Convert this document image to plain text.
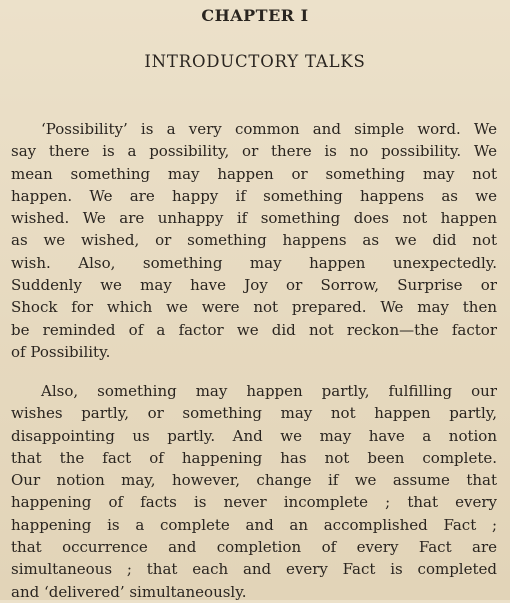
CHAPTER I
INTRODUCTORY TALKS
‘Possibility’ is a very common and simple word. We
say there is a possibility, or there is no possibility. We
mean something may happen or something may not
happen. We are happy if something happens as we
wished. We are unhappy if something does not happen
as we wished, or something happens as we did not
wish. Also, something may happen unexpectedly.
Suddenly we may have Joy or Sorrow, Surprise or
Shock for which we were not prepared. We may then
be reminded of a factor we did not reckon—the factor
of Possibility.
Also, something may happen partly, fulfilling our
wishes partly, or something may not happen partly,
disappointing us partly. And we may have a notion
that the fact of happening has not been complete.
Our notion may, however, change if we assume that
happening of facts is never incomplete ; that every
happening is a complete and an accomplished Fact ;
that occurrence and completion of every Fact are
simultaneous ; that each and every Fact is completed
and ‘delivered’ simultaneously.
